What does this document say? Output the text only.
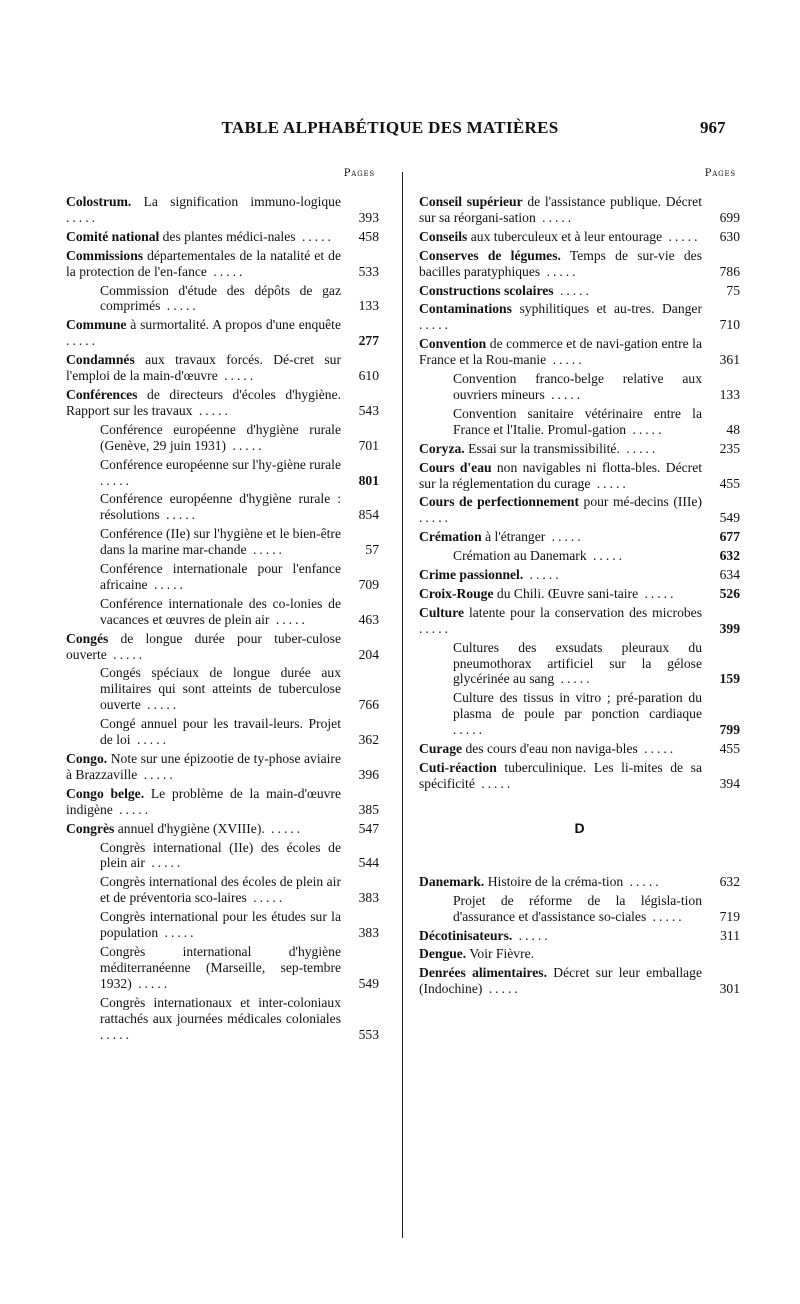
TABLE ALPHABÉTIQUE DES MATIÈRES	967
Pages
Colostrum. La signification immuno-logique .....	393
Comité national des plantes médici-nales .....	458
Commissions départementales de la natalité et de la protection de l'en-fance .....	533
Commission d'étude des dépôts de gaz comprimés .....	133
Commune à surmortalité. A propos d'une enquête .....	277
Condamnés aux travaux forcés. Dé-cret sur l'emploi de la main-d'œuvre .....	610
Conférences de directeurs d'écoles d'hygiène. Rapport sur les travaux .....	543
Conférence européenne d'hygiène rurale (Genève, 29 juin 1931) .....	701
Conférence européenne sur l'hy-giène rurale .....	801
Conférence européenne d'hygiène rurale : résolutions .....	854
Conférence (IIe) sur l'hygiène et le bien-être dans la marine mar-chande .....	57
Conférence internationale pour l'enfance africaine .....	709
Conférence internationale des co-lonies de vacances et œuvres de plein air .....	463
Congés de longue durée pour tuber-culose ouverte .....	204
Congés spéciaux de longue durée aux militaires qui sont atteints de tuberculose ouverte .....	766
Congé annuel pour les travail-leurs. Projet de loi .....	362
Congo. Note sur une épizootie de ty-phose aviaire à Brazzaville .....	396
Congo belge. Le problème de la main-d'œuvre indigène .....	385
Congrès annuel d'hygiène (XVIIIe). .....	547
Congrès international (IIe) des écoles de plein air .....	544
Congrès international des écoles de plein air et de préventoria sco-laires .....	383
Congrès international pour les études sur la population .....	383
Congrès international d'hygiène méditerranéenne (Marseille, sep-tembre 1932) .....	549
Congrès internationaux et inter-coloniaux rattachés aux journées médicales coloniales .....	553
Pages
Conseil supérieur de l'assistance publique. Décret sur sa réorgani-sation .....	699
Conseils aux tuberculeux et à leur entourage .....	630
Conserves de légumes. Temps de sur-vie des bacilles paratyphiques .....	786
Constructions scolaires .....	75
Contaminations syphilitiques et au-tres. Danger .....	710
Convention de commerce et de navi-gation entre la France et la Rou-manie .....	361
Convention franco-belge relative aux ouvriers mineurs .....	133
Convention sanitaire vétérinaire entre la France et l'Italie. Promul-gation .....	48
Coryza. Essai sur la transmissibilité. .....	235
Cours d'eau non navigables ni flotta-bles. Décret sur la réglementation du curage .....	455
Cours de perfectionnement pour mé-decins (IIIe) .....	549
Crémation à l'étranger .....	677
Crémation au Danemark .....	632
Crime passionnel. .....	634
Croix-Rouge du Chili. Œuvre sani-taire .....	526
Culture latente pour la conservation des microbes .....	399
Cultures des exsudats pleuraux du pneumothorax artificiel sur la gélose glycérinée au sang .....	159
Culture des tissus in vitro ; pré-paration du plasma de poule par ponction cardiaque .....	799
Curage des cours d'eau non naviga-bles .....	455
Cuti-réaction tuberculinique. Les li-mites de sa spécificité .....	394
D
Danemark. Histoire de la créma-tion .....	632
Projet de réforme de la législa-tion d'assurance et d'assistance so-ciales .....	719
Décotinisateurs. .....	311
Dengue. Voir Fièvre.
Denrées alimentaires. Décret sur leur emballage (Indochine) .....	301
